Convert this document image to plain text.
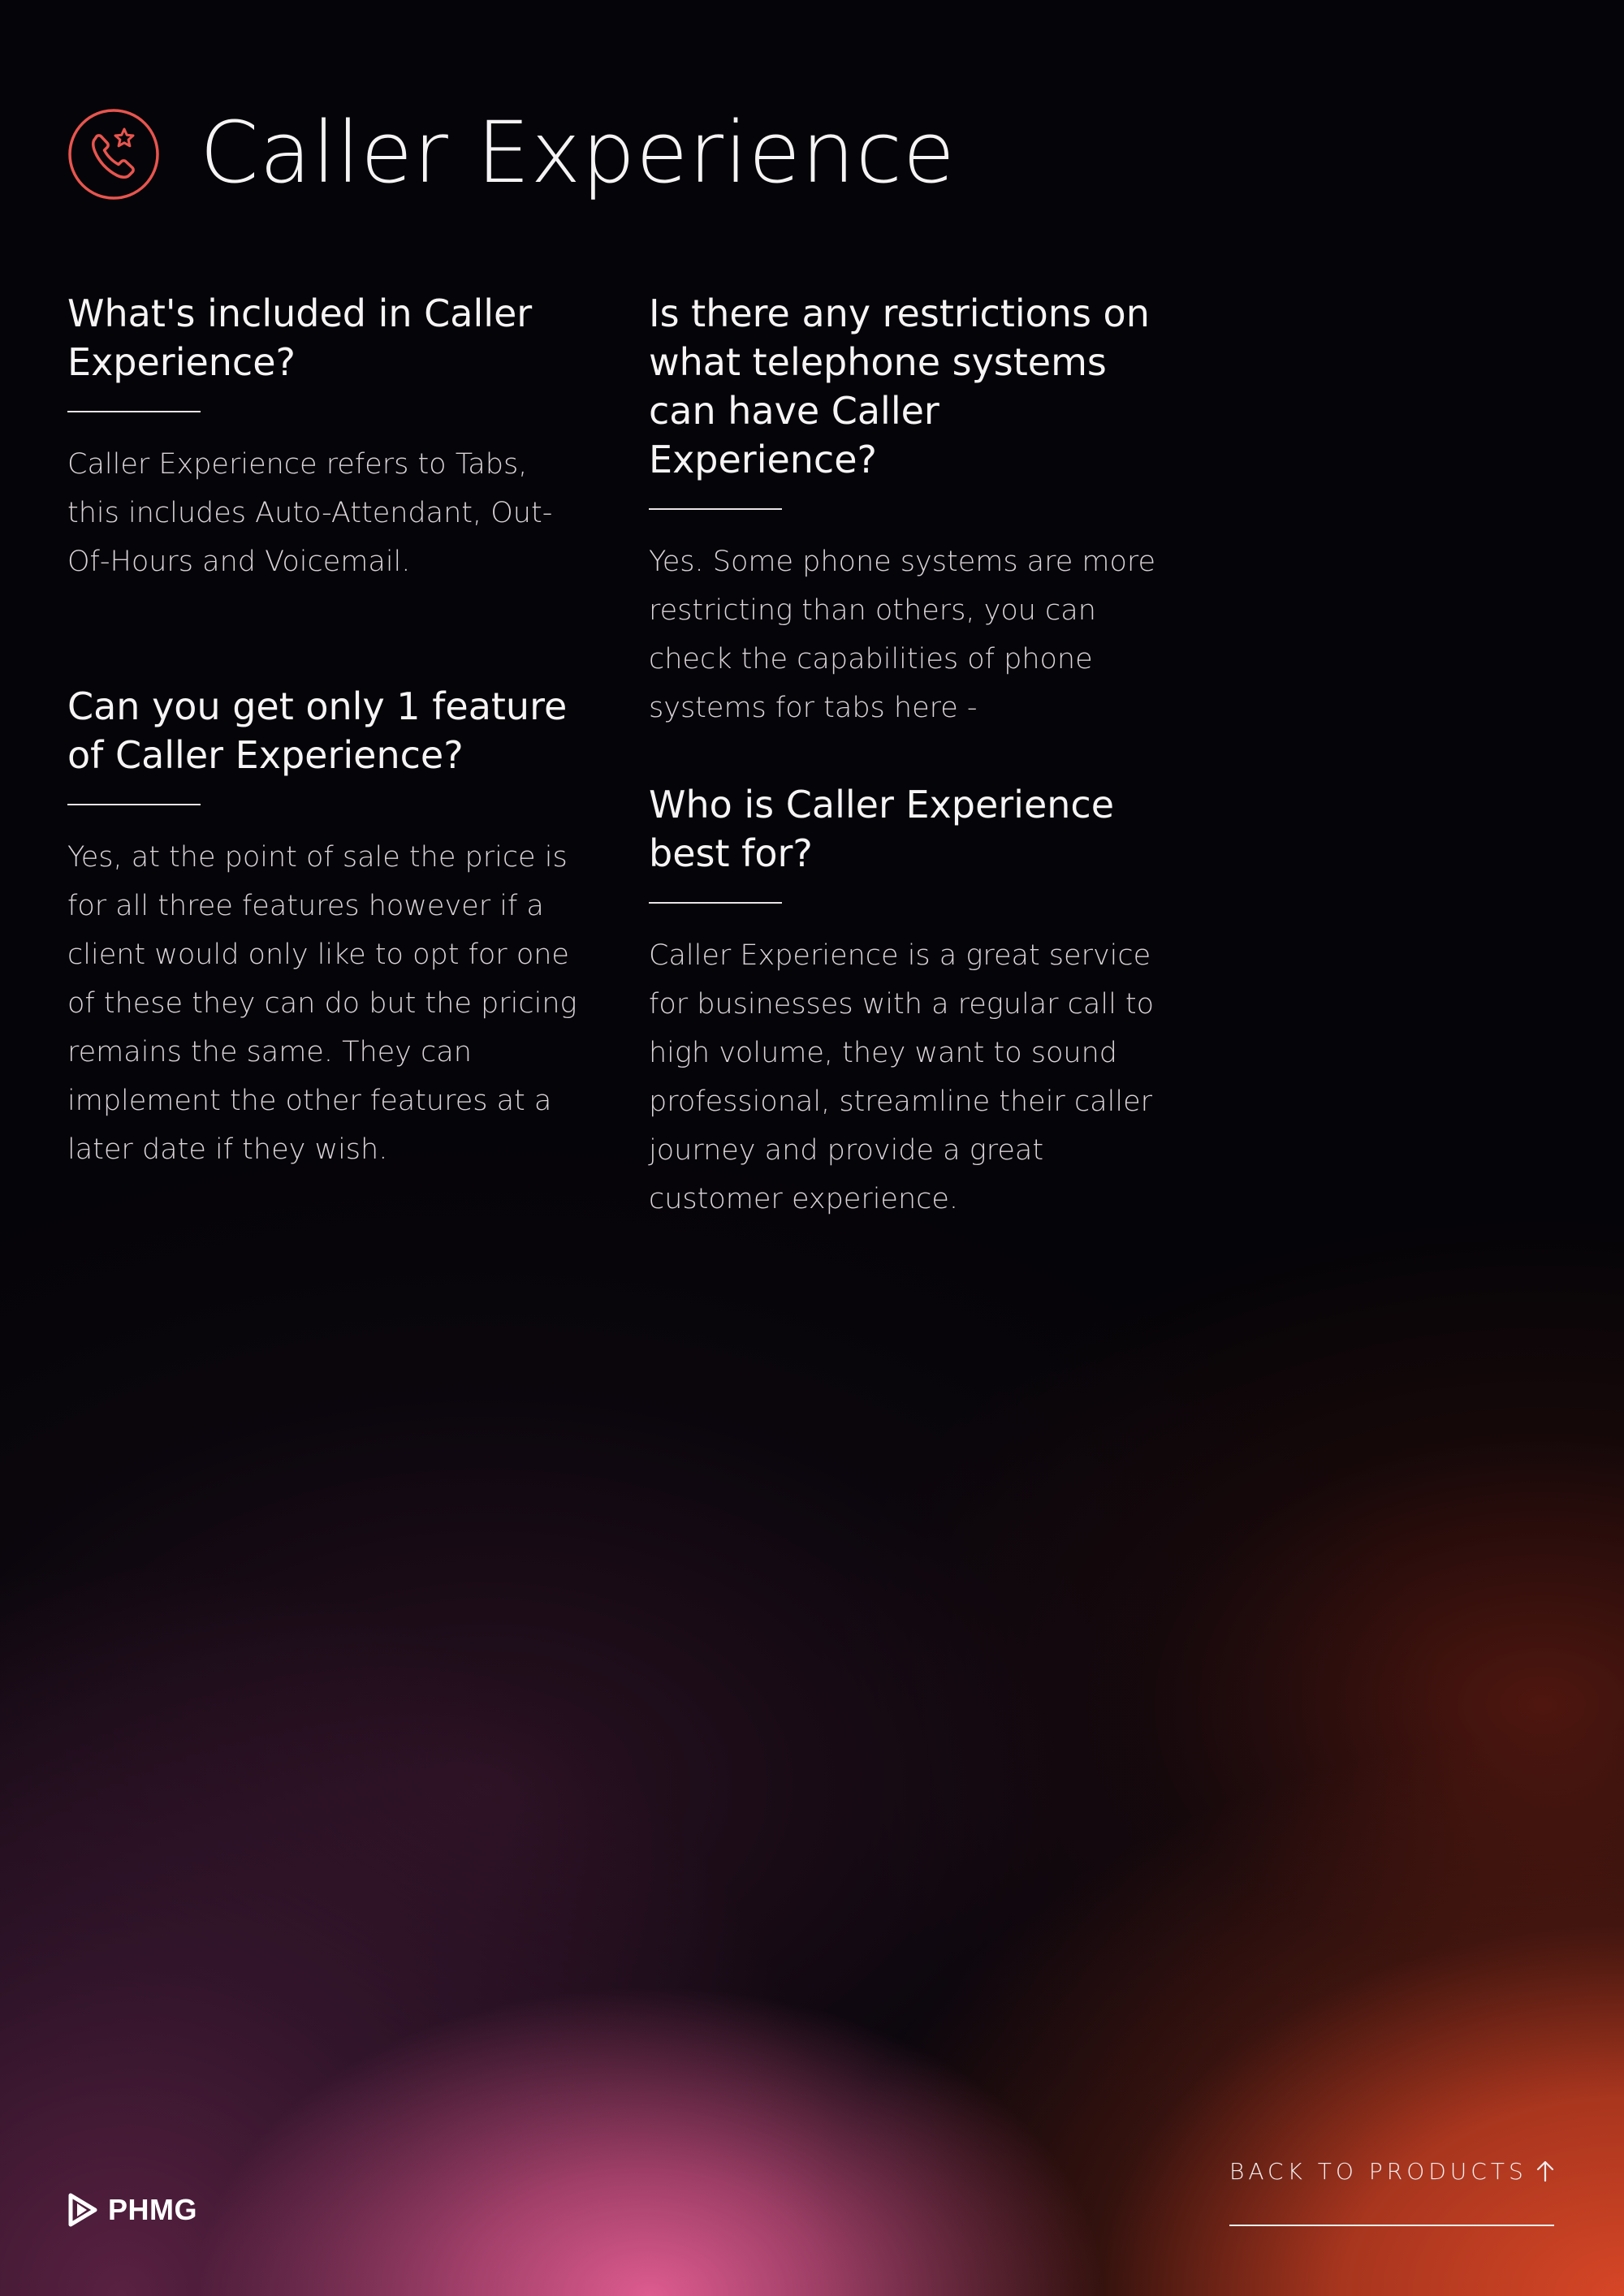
Caller Experience
What's included in Caller Experience?

Caller Experience refers to Tabs, this includes Auto-Attendant, Out-Of-Hours and Voicemail.

Can you get only 1 feature of Caller Experience?

Yes, at the point of sale the price is for all three features however if a client would only like to opt for one of these they can do but the pricing remains the same. They can implement the other features at a later date if they wish.

Is there any restrictions on what telephone systems can have Caller Experience?

Yes. Some phone systems are more restricting than others, you can check the capabilities of phone systems for tabs here -

Who is Caller Experience best for?

Caller Experience is a great service for businesses with a regular call to high volume, they want to sound professional, streamline their caller journey and provide a great customer experience.

PHMG
BACK TO PRODUCTS
